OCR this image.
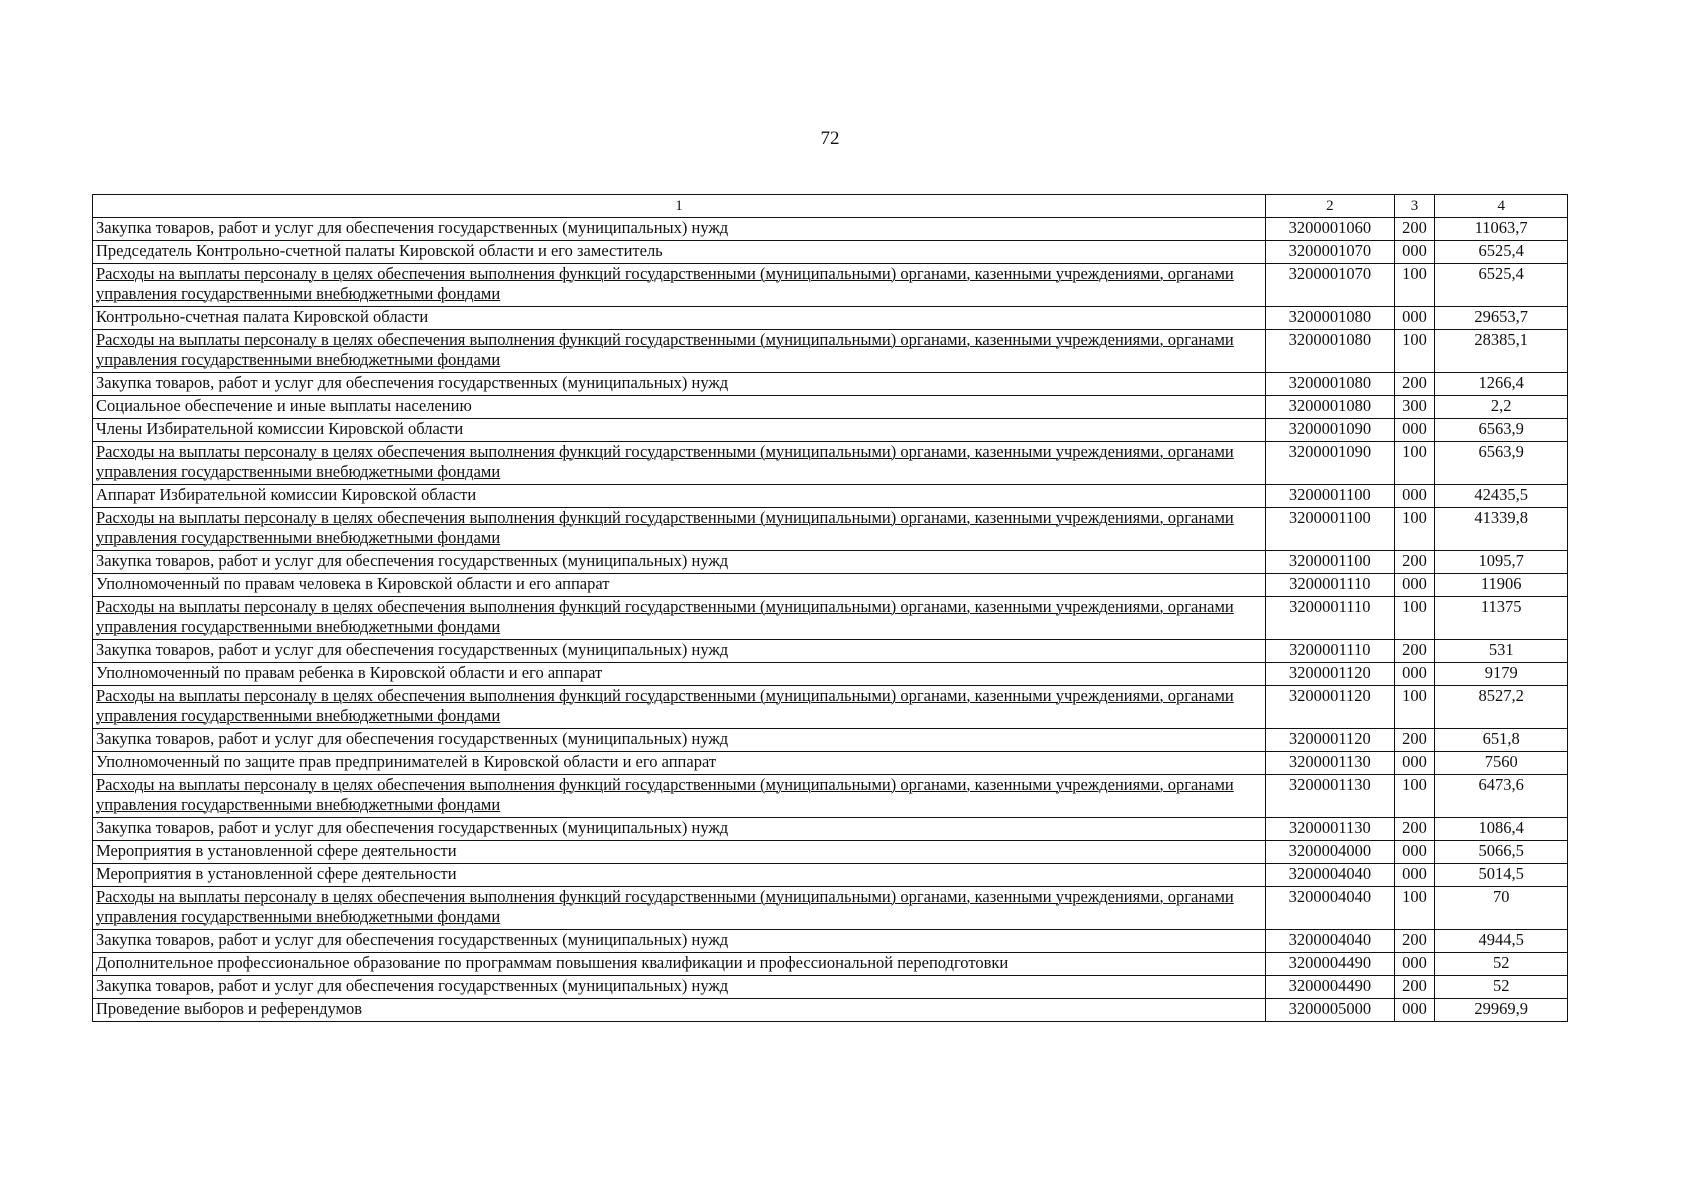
72
1	2	3	4
Закупка товаров, работ и услуг для обеспечения государственных (муниципальных) нужд	3200001060	200	11063,7
Председатель Контрольно-счетной палаты Кировской области и его заместитель	3200001070	000	6525,4
Расходы на выплаты персоналу в целях обеспечения выполнения функций государственными (муниципальными) органами, казенными учреждениями, органами управления государственными внебюджетными фондами	3200001070	100	6525,4
Контрольно-счетная палата Кировской области	3200001080	000	29653,7
Расходы на выплаты персоналу в целях обеспечения выполнения функций государственными (муниципальными) органами, казенными учреждениями, органами управления государственными внебюджетными фондами	3200001080	100	28385,1
Закупка товаров, работ и услуг для обеспечения государственных (муниципальных) нужд	3200001080	200	1266,4
Социальное обеспечение и иные выплаты населению	3200001080	300	2,2
Члены Избирательной комиссии Кировской области	3200001090	000	6563,9
Расходы на выплаты персоналу в целях обеспечения выполнения функций государственными (муниципальными) органами, казенными учреждениями, органами управления государственными внебюджетными фондами	3200001090	100	6563,9
Аппарат Избирательной комиссии Кировской области	3200001100	000	42435,5
Расходы на выплаты персоналу в целях обеспечения выполнения функций государственными (муниципальными) органами, казенными учреждениями, органами управления государственными внебюджетными фондами	3200001100	100	41339,8
Закупка товаров, работ и услуг для обеспечения государственных (муниципальных) нужд	3200001100	200	1095,7
Уполномоченный по правам человека в Кировской области и его аппарат	3200001110	000	11906
Расходы на выплаты персоналу в целях обеспечения выполнения функций государственными (муниципальными) органами, казенными учреждениями, органами управления государственными внебюджетными фондами	3200001110	100	11375
Закупка товаров, работ и услуг для обеспечения государственных (муниципальных) нужд	3200001110	200	531
Уполномоченный по правам ребенка в Кировской области и его аппарат	3200001120	000	9179
Расходы на выплаты персоналу в целях обеспечения выполнения функций государственными (муниципальными) органами, казенными учреждениями, органами управления государственными внебюджетными фондами	3200001120	100	8527,2
Закупка товаров, работ и услуг для обеспечения государственных (муниципальных) нужд	3200001120	200	651,8
Уполномоченный по защите прав предпринимателей в Кировской области и его аппарат	3200001130	000	7560
Расходы на выплаты персоналу в целях обеспечения выполнения функций государственными (муниципальными) органами, казенными учреждениями, органами управления государственными внебюджетными фондами	3200001130	100	6473,6
Закупка товаров, работ и услуг для обеспечения государственных (муниципальных) нужд	3200001130	200	1086,4
Мероприятия в установленной сфере деятельности	3200004000	000	5066,5
Мероприятия в установленной сфере деятельности	3200004040	000	5014,5
Расходы на выплаты персоналу в целях обеспечения выполнения функций государственными (муниципальными) органами, казенными учреждениями, органами управления государственными внебюджетными фондами	3200004040	100	70
Закупка товаров, работ и услуг для обеспечения государственных (муниципальных) нужд	3200004040	200	4944,5
Дополнительное профессиональное образование по программам повышения квалификации и профессиональной переподготовки	3200004490	000	52
Закупка товаров, работ и услуг для обеспечения государственных (муниципальных) нужд	3200004490	200	52
Проведение выборов и референдумов	3200005000	000	29969,9
